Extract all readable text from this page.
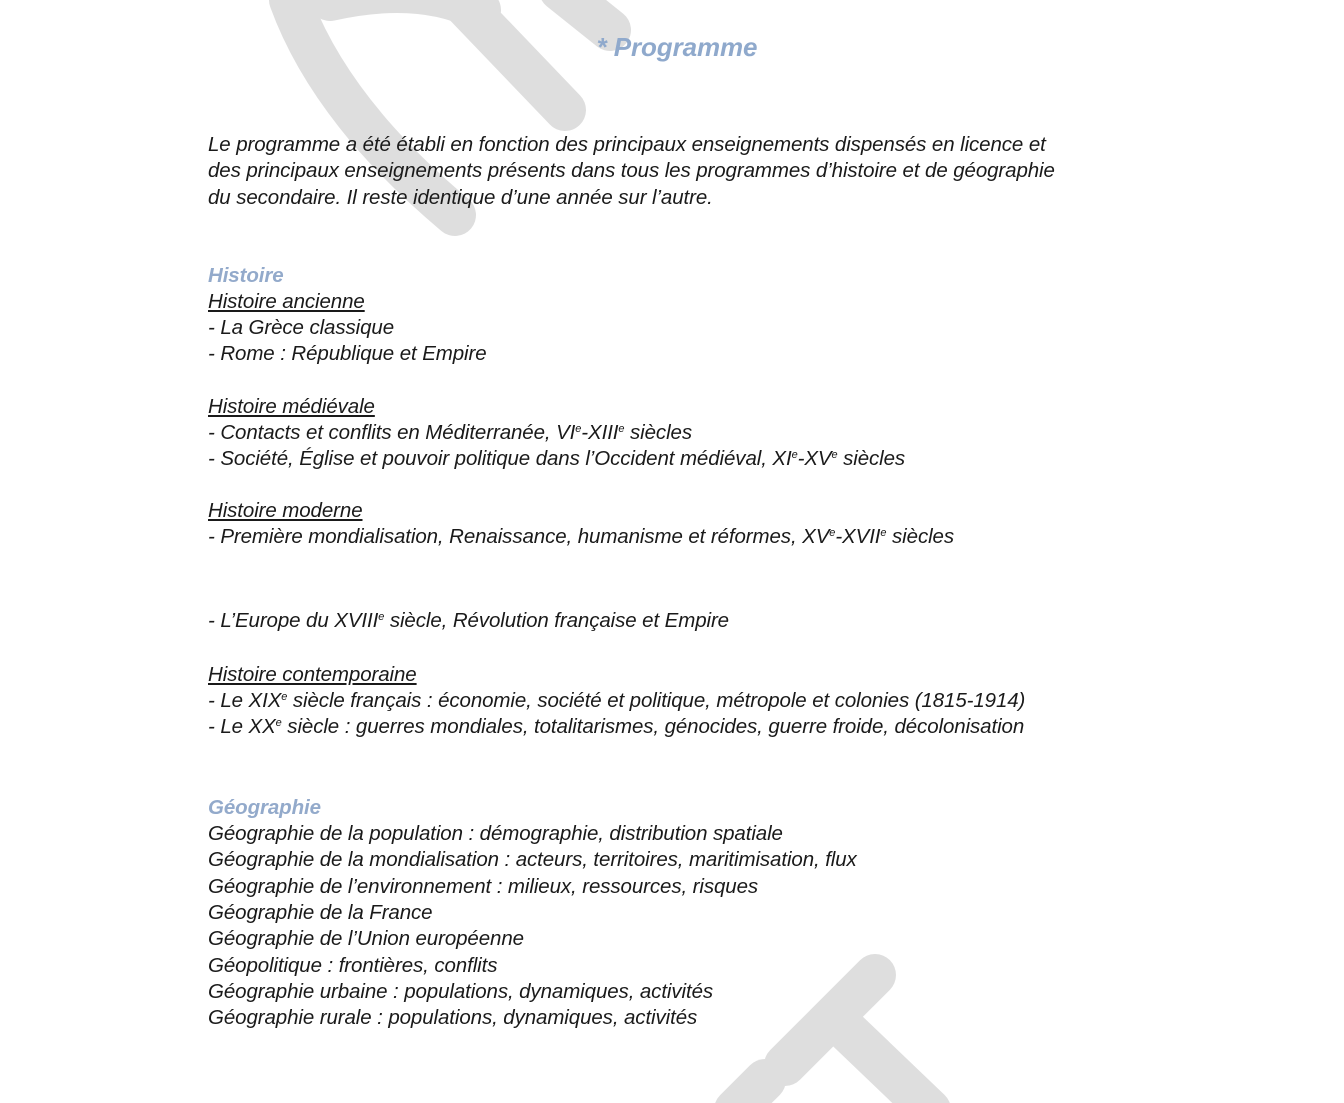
* Programme
Le programme a été établi en fonction des principaux enseignements dispensés en licence et
des principaux enseignements présents dans tous les programmes d’histoire et de géographie
du secondaire. Il reste identique d’une année sur l’autre.
Histoire
Histoire ancienne
- La Grèce classique
- Rome : République et Empire
Histoire médiévale
- Contacts et conflits en Méditerranée, VIe-XIIIe siècles
- Société, Église et pouvoir politique dans l’Occident médiéval, XIe-XVe siècles
Histoire moderne
- Première mondialisation, Renaissance, humanisme et réformes, XVe-XVIIe siècles
- L’Europe du XVIIIe siècle, Révolution française et Empire
Histoire contemporaine
- Le XIXe siècle français : économie, société et politique, métropole et colonies (1815-1914)
- Le XXe siècle : guerres mondiales, totalitarismes, génocides, guerre froide, décolonisation
Géographie
Géographie de la population : démographie, distribution spatiale
Géographie de la mondialisation : acteurs, territoires, maritimisation, flux
Géographie de l’environnement : milieux, ressources, risques
Géographie de la France
Géographie de l’Union européenne
Géopolitique : frontières, conflits
Géographie urbaine : populations, dynamiques, activités
Géographie rurale : populations, dynamiques, activités
